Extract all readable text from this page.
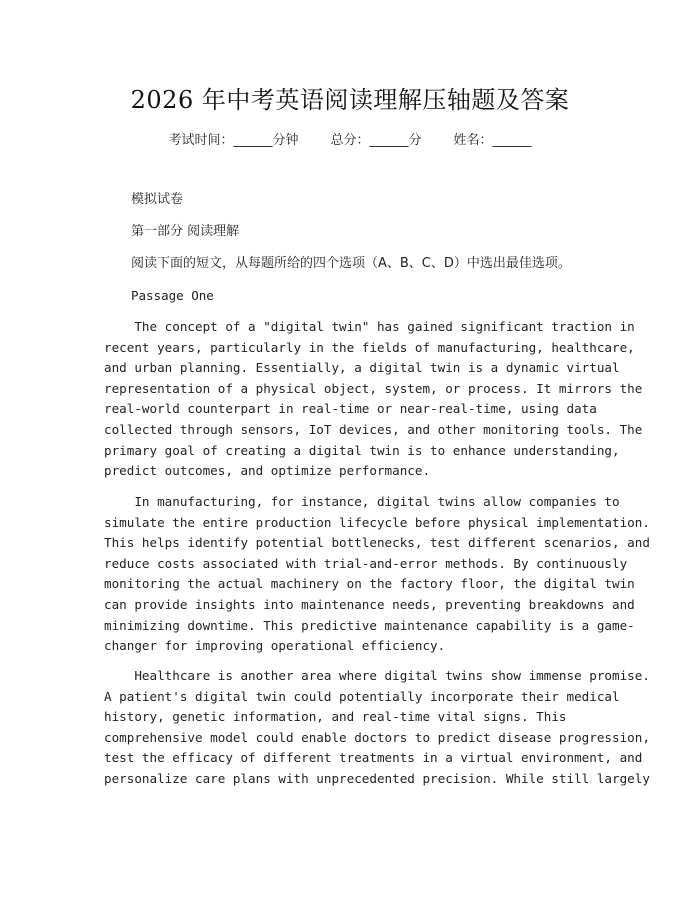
2026 年中考英语阅读理解压轴题及答案
考试时间：______分钟 总分：______分 姓名：______
模拟试卷
第一部分 阅读理解
阅读下面的短文，从每题所给的四个选项（A、B、C、D）中选出最佳选项。
Passage One
The concept of a "digital twin" has gained significant traction in
recent years, particularly in the fields of manufacturing, healthcare,
and urban planning. Essentially, a digital twin is a dynamic virtual
representation of a physical object, system, or process. It mirrors the
real-world counterpart in real-time or near-real-time, using data
collected through sensors, IoT devices, and other monitoring tools. The
primary goal of creating a digital twin is to enhance understanding,
predict outcomes, and optimize performance.
In manufacturing, for instance, digital twins allow companies to
simulate the entire production lifecycle before physical implementation.
This helps identify potential bottlenecks, test different scenarios, and
reduce costs associated with trial-and-error methods. By continuously
monitoring the actual machinery on the factory floor, the digital twin
can provide insights into maintenance needs, preventing breakdowns and
minimizing downtime. This predictive maintenance capability is a game-
changer for improving operational efficiency.
Healthcare is another area where digital twins show immense promise.
A patient's digital twin could potentially incorporate their medical
history, genetic information, and real-time vital signs. This
comprehensive model could enable doctors to predict disease progression,
test the efficacy of different treatments in a virtual environment, and
personalize care plans with unprecedented precision. While still largely
